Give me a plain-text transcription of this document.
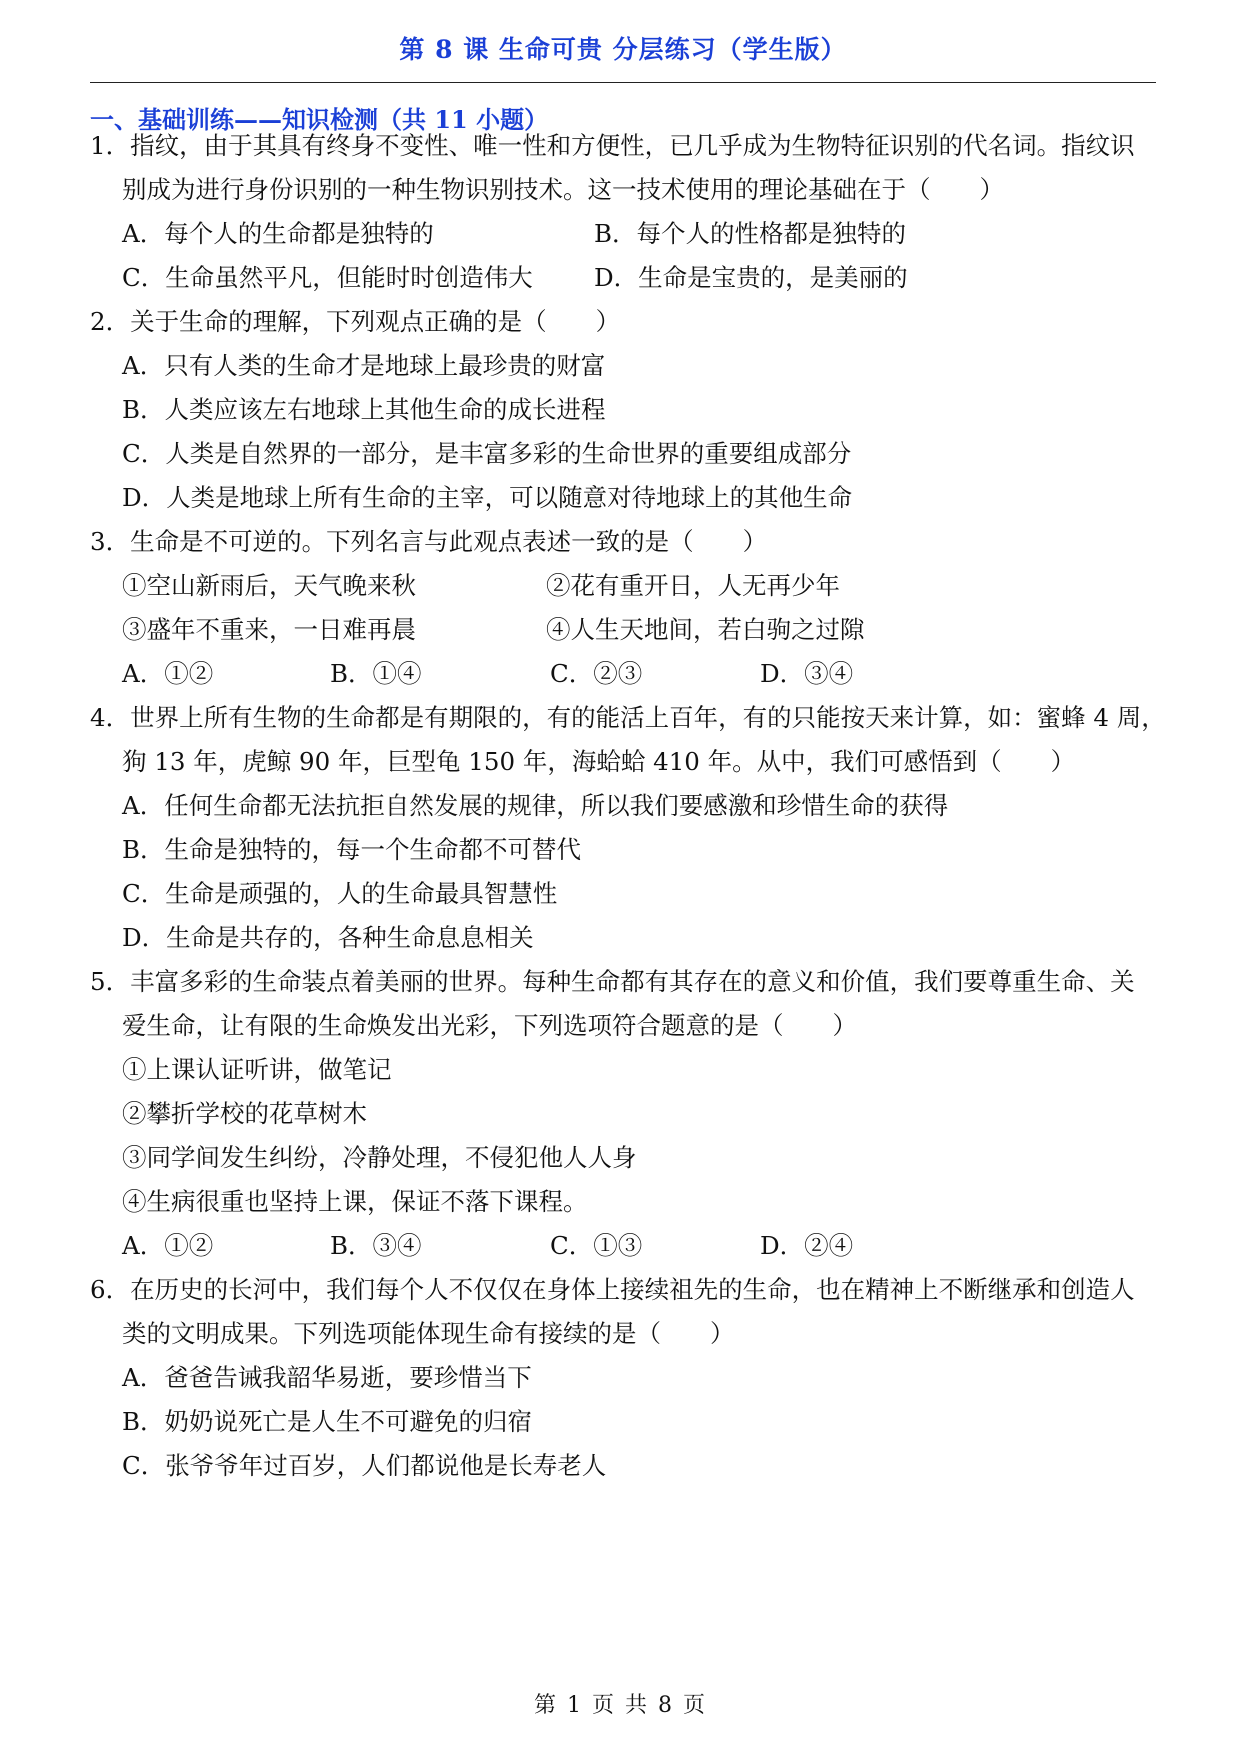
第 8 课 生命可贵 分层练习（学生版）
一、基础训练——知识检测（共 11 小题）
1．指纹，由于其具有终身不变性、唯一性和方便性，已几乎成为生物特征识别的代名词。指纹识
别成为进行身份识别的一种生物识别技术。这一技术使用的理论基础在于（　　）
A．每个人的生命都是独特的	B．每个人的性格都是独特的
C．生命虽然平凡，但能时时创造伟大	D．生命是宝贵的，是美丽的
2．关于生命的理解，下列观点正确的是（　　）
A．只有人类的生命才是地球上最珍贵的财富
B．人类应该左右地球上其他生命的成长进程
C．人类是自然界的一部分，是丰富多彩的生命世界的重要组成部分
D．人类是地球上所有生命的主宰，可以随意对待地球上的其他生命
3．生命是不可逆的。下列名言与此观点表述一致的是（　　）
①空山新雨后，天气晚来秋	②花有重开日，人无再少年
③盛年不重来，一日难再晨	④人生天地间，若白驹之过隙
A．①②	B．①④	C．②③	D．③④
4．世界上所有生物的生命都是有期限的，有的能活上百年，有的只能按天来计算，如：蜜蜂 4 周，
狗 13 年，虎鲸 90 年，巨型龟 150 年，海蛤蛤 410 年。从中，我们可感悟到（　　）
A．任何生命都无法抗拒自然发展的规律，所以我们要感激和珍惜生命的获得
B．生命是独特的，每一个生命都不可替代
C．生命是顽强的，人的生命最具智慧性
D．生命是共存的，各种生命息息相关
5．丰富多彩的生命装点着美丽的世界。每种生命都有其存在的意义和价值，我们要尊重生命、关
爱生命，让有限的生命焕发出光彩，下列选项符合题意的是（　　）
①上课认证听讲，做笔记
②攀折学校的花草树木
③同学间发生纠纷，冷静处理，不侵犯他人人身
④生病很重也坚持上课，保证不落下课程。
A．①②	B．③④	C．①③	D．②④
6．在历史的长河中，我们每个人不仅仅在身体上接续祖先的生命，也在精神上不断继承和创造人
类的文明成果。下列选项能体现生命有接续的是（　　）
A．爸爸告诫我韶华易逝，要珍惜当下
B．奶奶说死亡是人生不可避免的归宿
C．张爷爷年过百岁，人们都说他是长寿老人
第 1 页 共 8 页
